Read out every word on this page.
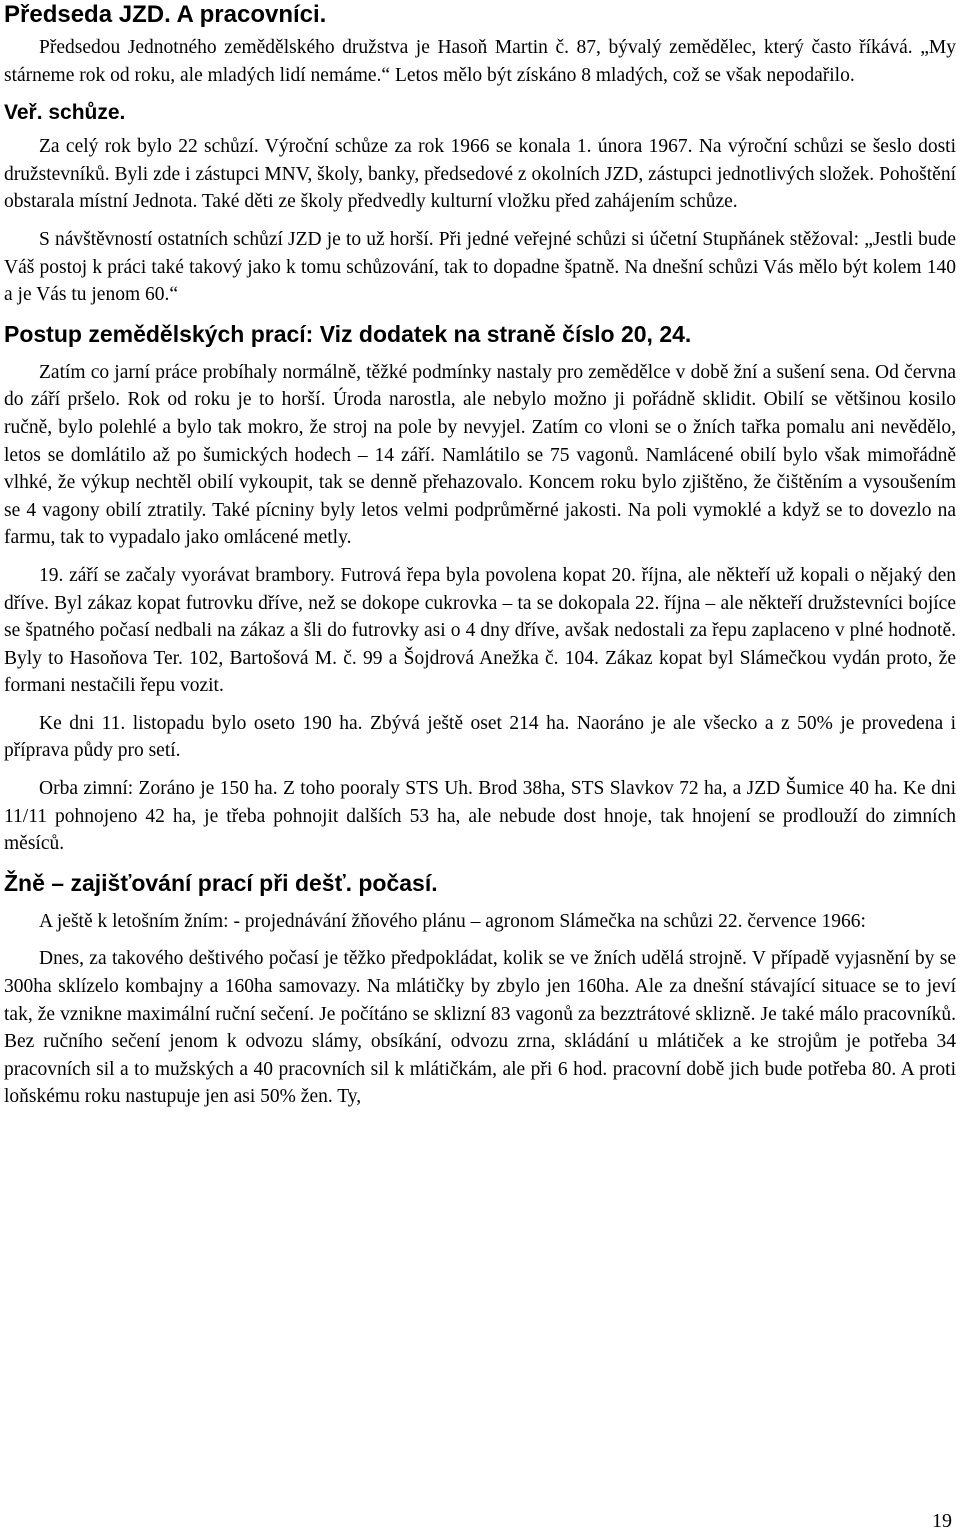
Předseda JZD. A pracovníci.

Předsedou Jednotného zemědělského družstva je Hasoň Martin č. 87, bývalý zemědělec, který často říkává. „My stárneme rok od roku, ale mladých lidí nemáme.“ Letos mělo být získáno 8 mladých, což se však nepodařilo.

Veř. schůze.

Za celý rok bylo 22 schůzí. Výroční schůze za rok 1966 se konala 1. února 1967. Na výroční schůzi se šeslo dosti družstevníků. Byli zde i zástupci MNV, školy, banky, předsedové z okolních JZD, zástupci jednotlivých složek. Pohoštění obstarala místní Jednota. Také děti ze školy předvedly kulturní vložku před zahájením schůze.

S návštěvností ostatních schůzí JZD je to už horší. Při jedné veřejné schůzi si účetní Stupňánek stěžoval: „Jestli bude Váš postoj k práci také takový jako k tomu schůzování, tak to dopadne špatně. Na dnešní schůzi Vás mělo být kolem 140 a je Vás tu jenom 60.“

Postup zemědělských prací: Viz dodatek na straně číslo 20, 24.

Zatím co jarní práce probíhaly normálně, těžké podmínky nastaly pro zemědělce v době žní a sušení sena. Od června do září pršelo. Rok od roku je to horší. Úroda narostla, ale nebylo možno ji pořádně sklidit. Obilí se většinou kosilo ručně, bylo polehlé a bylo tak mokro, že stroj na pole by nevyjel. Zatím co vloni se o žních tařka pomalu ani nevědělo, letos se domlátilo až po šumických hodech – 14 září. Namlátilo se 75 vagonů. Namlácené obilí bylo však mimořádně vlhké, že výkup nechtěl obilí vykoupit, tak se denně přehazovalo. Koncem roku bylo zjištěno, že čištěním a vysoušením se 4 vagony obilí ztratily. Také pícniny byly letos velmi podprůměrné jakosti. Na poli vymoklé a když se to dovezlo na farmu, tak to vypadalo jako omlácené metly.

19. září se začaly vyorávat brambory. Futrová řepa byla povolena kopat 20. října, ale někteří už kopali o nějaký den dříve. Byl zákaz kopat futrovku dříve, než se dokope cukrovka – ta se dokopala 22. října – ale někteří družstevníci bojíce se špatného počasí nedbali na zákaz a šli do futrovky asi o 4 dny dříve, avšak nedostali za řepu zaplaceno v plné hodnotě. Byly to Hasoňova Ter. 102, Bartošová M. č. 99 a Šojdrová Anežka č. 104. Zákaz kopat byl Slámečkou vydán proto, že formani nestačili řepu vozit.

Ke dni 11. listopadu bylo oseto 190 ha. Zbývá ještě oset 214 ha. Naoráno je ale všecko a z 50% je provedena i příprava půdy pro setí.

Orba zimní: Zoráno je 150 ha. Z toho pooraly STS Uh. Brod 38ha, STS Slavkov 72 ha, a JZD Šumice 40 ha. Ke dni 11/11 pohnojeno 42 ha, je třeba pohnojit dalších 53 ha, ale nebude dost hnoje, tak hnojení se prodlouží do zimních měsíců.

Žně – zajišťování prací při dešť. počasí.

A ještě k letošním žním: - projednávání žňového plánu – agronom Slámečka na schůzi 22. července 1966:

Dnes, za takového deštivého počasí je těžko předpokládat, kolik se ve žních udělá strojně. V případě vyjasnění by se 300ha sklízelo kombajny a 160ha samovazy. Na mlátičky by zbylo jen 160ha. Ale za dnešní stávající situace se to jeví tak, že vznikne maximální ruční sečení. Je počítáno se sklizní 83 vagonů za bezztrátové sklizně. Je také málo pracovníků. Bez ručního sečení jenom k odvozu slámy, obsíkání, odvozu zrna, skládání u mlátiček a ke strojům je potřeba 34 pracovních sil a to mužských a 40 pracovních sil k mlátičkám, ale při 6 hod. pracovní době jich bude potřeba 80. A proti loňskému roku nastupuje jen asi 50% žen. Ty,

19
